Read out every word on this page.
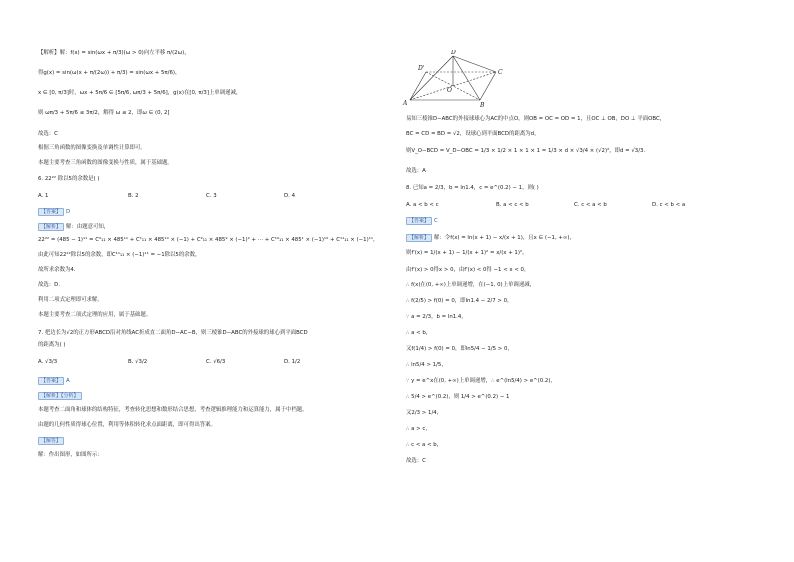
【解析】解：f(x) = sin(ωx + π/3)(ω > 0)向左平移 π/(2ω)，
得g(x) = sin(ω(x + π/(2ω)) + π/3) = sin(ωx + 5π/6)，
x ∈ [0, π/3]时，ωx + 5π/6 ∈ [5π/6, ωπ/3 + 5π/6]，g(x)在[0, π/3]上单调递减，
则 ωπ/3 + 5π/6 ≤ 3π/2，解得 ω ≤ 2，即ω ∈ (0, 2]
故选：C
根据三角函数的图像变换及单调性计算即可。
本题主要考查三角函数的图像变换与性质，属于基础题。
6. 22²² 除以5的余数是( )
A. 1	B. 2	C. 3	D. 4
【答案】 D
【解析】 解：由题意可知，
22²² = (485 − 1)¹¹ = C⁰₁₁ × 485¹¹ + C¹₁₁ × 485¹⁰ × (−1) + C²₁₁ × 485⁹ × (−1)² + ⋯ + C¹⁰₁₁ × 485¹ × (−1)¹⁰ + C¹¹₁₁ × (−1)¹¹，
由此可知22²²除以5的余数，即C¹¹₁₁ × (−1)¹¹ = −1除以5的余数，
故所求余数为4.
故选：D.
利用二项式定理即可求解。
本题主要考查二项式定理的应用，属于基础题。
7. 把边长为√2的正方形ABCD沿对角线AC折成直二面角D−AC−B，则三棱锥D−ABC的外接球的球心到平面BCD
的距离为( )
A. √3/3	B. √3/2	C. √6/3	D. 1/2
【答案】 A
【解析】【分析】
本题考查二面角和球体的结构特征，考查转化思想和数形结合思想，考查逻辑推理能力和运算能力，属于中档题。
由题的几何性质得球心位置，利用等体积转化求点面距离，即可得出答案。
【解答】
解：作出图形，如图所示：
D
D'
C
O
A	B
易知三棱锥D−ABC的外接球球心为AC的中点O，则OB = OC = OD = 1，且OC ⊥ OB，DO ⊥ 平面OBC，
BC = CD = BD = √2，设球心到平面BCD的距离为d，
则V_O−BCD = V_D−OBC = 1/3 × 1/2 × 1 × 1 × 1 = 1/3 × d × √3/4 × (√2)²，即d = √3/3.
故选：A
8. 已知a = 2/3，b = ln1.4，c = e^(0.2) − 1，则( )
A. a < b < c	B. a < c < b	C. c < a < b	D. c < b < a
【答案】 C
【解析】 解：令f(x) = ln(x + 1) − x/(x + 1)，且x ∈ (−1, +∞)，
则f'(x) = 1/(x + 1) − 1/(x + 1)² = x/(x + 1)²，
由f'(x) > 0得x > 0，由f'(x) < 0得 −1 < x < 0，
∴ f(x)在(0, +∞)上单调递增，在(−1, 0)上单调递减，
∴ f(2/5) > f(0) = 0，即ln1.4 − 2/7 > 0，
∵ a = 2/3，b = ln1.4，
∴ a < b，
又f(1/4) > f(0) = 0，即ln5/4 − 1/5 > 0，
∴ ln5/4 > 1/5，
∵ y = e^x在(0, +∞)上单调递增，∴ e^(ln5/4) > e^(0.2)，
∴ 5/4 > e^(0.2)，则 1/4 > e^(0.2) − 1
又2/3 > 1/4，
∴ a > c，
∴ c < a < b，
故选：C
